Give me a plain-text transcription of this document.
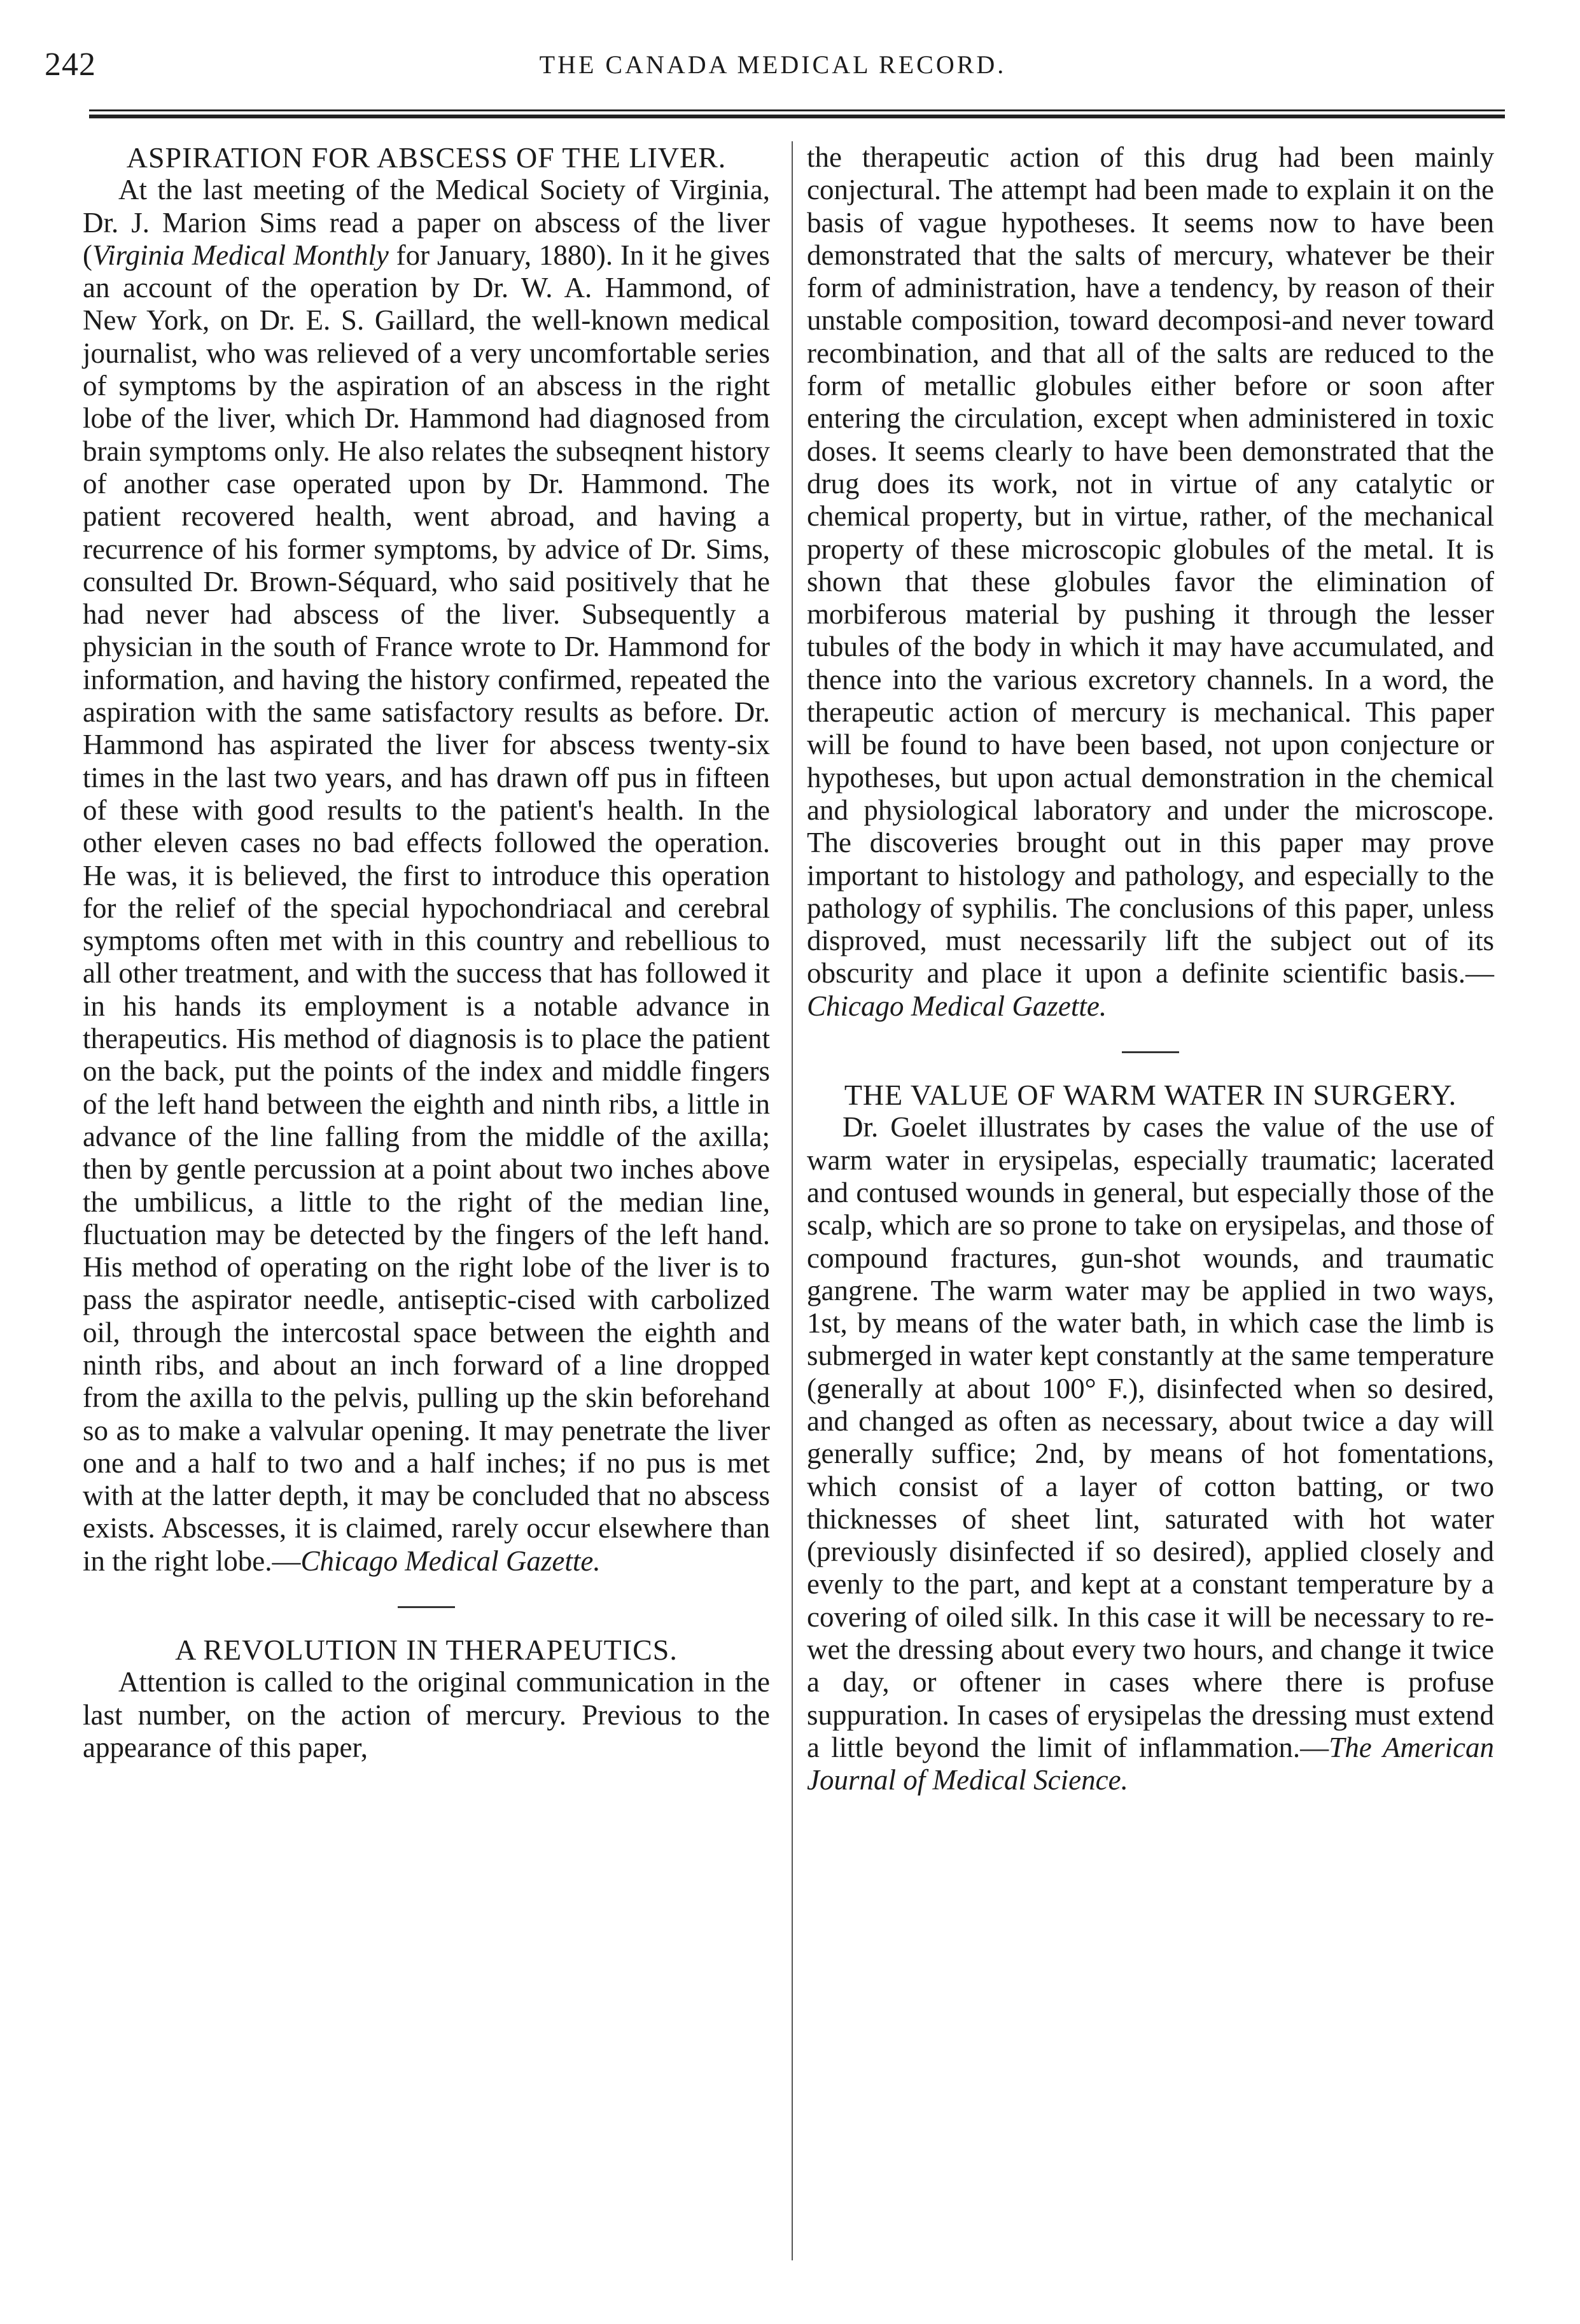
242	THE CANADA MEDICAL RECORD.
ASPIRATION FOR ABSCESS OF THE LIVER.

At the last meeting of the Medical Society of Virginia, Dr. J. Marion Sims read a paper on abscess of the liver (Virginia Medical Monthly for January, 1880). In it he gives an account of the operation by Dr. W. A. Hammond, of New York, on Dr. E. S. Gaillard, the well-known medical journalist, who was relieved of a very uncomfortable series of symptoms by the aspiration of an abscess in the right lobe of the liver, which Dr. Hammond had diagnosed from brain symptoms only. He also relates the subseqnent history of another case operated upon by Dr. Hammond. The patient recovered health, went abroad, and having a recurrence of his former symptoms, by advice of Dr. Sims, consulted Dr. Brown-Séquard, who said positively that he had never had abscess of the liver. Subsequently a physician in the south of France wrote to Dr. Hammond for information, and having the history confirmed, repeated the aspiration with the same satisfactory results as before. Dr. Hammond has aspirated the liver for abscess twenty-six times in the last two years, and has drawn off pus in fifteen of these with good results to the patient's health. In the other eleven cases no bad effects followed the operation. He was, it is believed, the first to introduce this operation for the relief of the special hypochondriacal and cerebral symptoms often met with in this country and rebellious to all other treatment, and with the success that has followed it in his hands its employment is a notable advance in therapeutics. His method of diagnosis is to place the patient on the back, put the points of the index and middle fingers of the left hand between the eighth and ninth ribs, a little in advance of the line falling from the middle of the axilla; then by gentle percussion at a point about two inches above the umbilicus, a little to the right of the median line, fluctuation may be detected by the fingers of the left hand. His method of operating on the right lobe of the liver is to pass the aspirator needle, antiseptic-cised with carbolized oil, through the intercostal space between the eighth and ninth ribs, and about an inch forward of a line dropped from the axilla to the pelvis, pulling up the skin beforehand so as to make a valvular opening. It may penetrate the liver one and a half to two and a half inches; if no pus is met with at the latter depth, it may be concluded that no abscess exists. Abscesses, it is claimed, rarely occur elsewhere than in the right lobe.—Chicago Medical Gazette.

A REVOLUTION IN THERAPEUTICS.

Attention is called to the original communication in the last number, on the action of mercury. Previous to the appearance of this paper,

the therapeutic action of this drug had been mainly conjectural. The attempt had been made to explain it on the basis of vague hypotheses. It seems now to have been demonstrated that the salts of mercury, whatever be their form of administration, have a tendency, by reason of their unstable composition, toward decomposi-and never toward recombination, and that all of the salts are reduced to the form of metallic globules either before or soon after entering the circulation, except when administered in toxic doses. It seems clearly to have been demonstrated that the drug does its work, not in virtue of any catalytic or chemical property, but in virtue, rather, of the mechanical property of these microscopic globules of the metal. It is shown that these globules favor the elimination of morbiferous material by pushing it through the lesser tubules of the body in which it may have accumulated, and thence into the various excretory channels. In a word, the therapeutic action of mercury is mechanical. This paper will be found to have been based, not upon conjecture or hypotheses, but upon actual demonstration in the chemical and physiological laboratory and under the microscope. The discoveries brought out in this paper may prove important to histology and pathology, and especially to the pathology of syphilis. The conclusions of this paper, unless disproved, must necessarily lift the subject out of its obscurity and place it upon a definite scientific basis.—Chicago Medical Gazette.

THE VALUE OF WARM WATER IN SURGERY.

Dr. Goelet illustrates by cases the value of the use of warm water in erysipelas, especially traumatic; lacerated and contused wounds in general, but especially those of the scalp, which are so prone to take on erysipelas, and those of compound fractures, gun-shot wounds, and traumatic gangrene. The warm water may be applied in two ways, 1st, by means of the water bath, in which case the limb is submerged in water kept constantly at the same temperature (generally at about 100° F.), disinfected when so desired, and changed as often as necessary, about twice a day will generally suffice; 2nd, by means of hot fomentations, which consist of a layer of cotton batting, or two thicknesses of sheet lint, saturated with hot water (previously disinfected if so desired), applied closely and evenly to the part, and kept at a constant temperature by a covering of oiled silk. In this case it will be necessary to re-wet the dressing about every two hours, and change it twice a day, or oftener in cases where there is profuse suppuration. In cases of erysipelas the dressing must extend a little beyond the limit of inflammation.—The American Journal of Medical Science.
